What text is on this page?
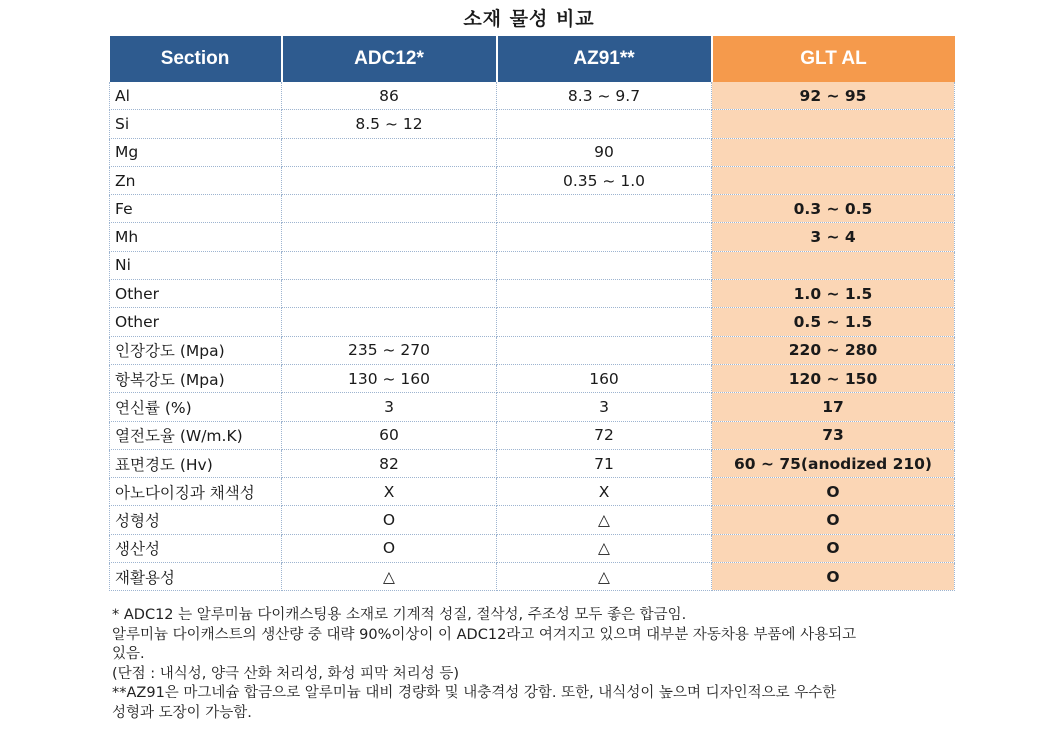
소재 물성 비교
Section	ADC12*	AZ91**	GLT AL
Al	86	8.3 ~ 9.7	92 ~ 95
Si	8.5 ~ 12		
Mg		90	
Zn		0.35 ~ 1.0	
Fe			0.3 ~ 0.5
Mh			3 ~ 4
Ni			
Other			1.0 ~ 1.5
Other			0.5 ~ 1.5
인장강도 (Mpa)	235 ~ 270		220 ~ 280
항복강도 (Mpa)	130 ~ 160	160	120 ~ 150
연신률 (%)	3	3	17
열전도율 (W/m.K)	60	72	73
표면경도 (Hv)	82	71	60 ~ 75(anodized 210)
아노다이징과 채색성	X	X	O
성형성	O	△	O
생산성	O	△	O
재활용성	△	△	O
* ADC12 는 알루미늄 다이캐스팅용 소재로 기계적 성질, 절삭성, 주조성 모두 좋은 합금임.
알루미늄 다이캐스트의 생산량 중 대략 90%이상이 이 ADC12라고 여겨지고 있으며 대부분 자동차용 부품에 사용되고
있음.
(단점 : 내식성, 양극 산화 처리성, 화성 피막 처리성 등)
**AZ91은 마그네슘 합금으로 알루미늄 대비 경량화 및 내충격성 강함. 또한, 내식성이 높으며 디자인적으로 우수한
성형과 도장이 가능함.
